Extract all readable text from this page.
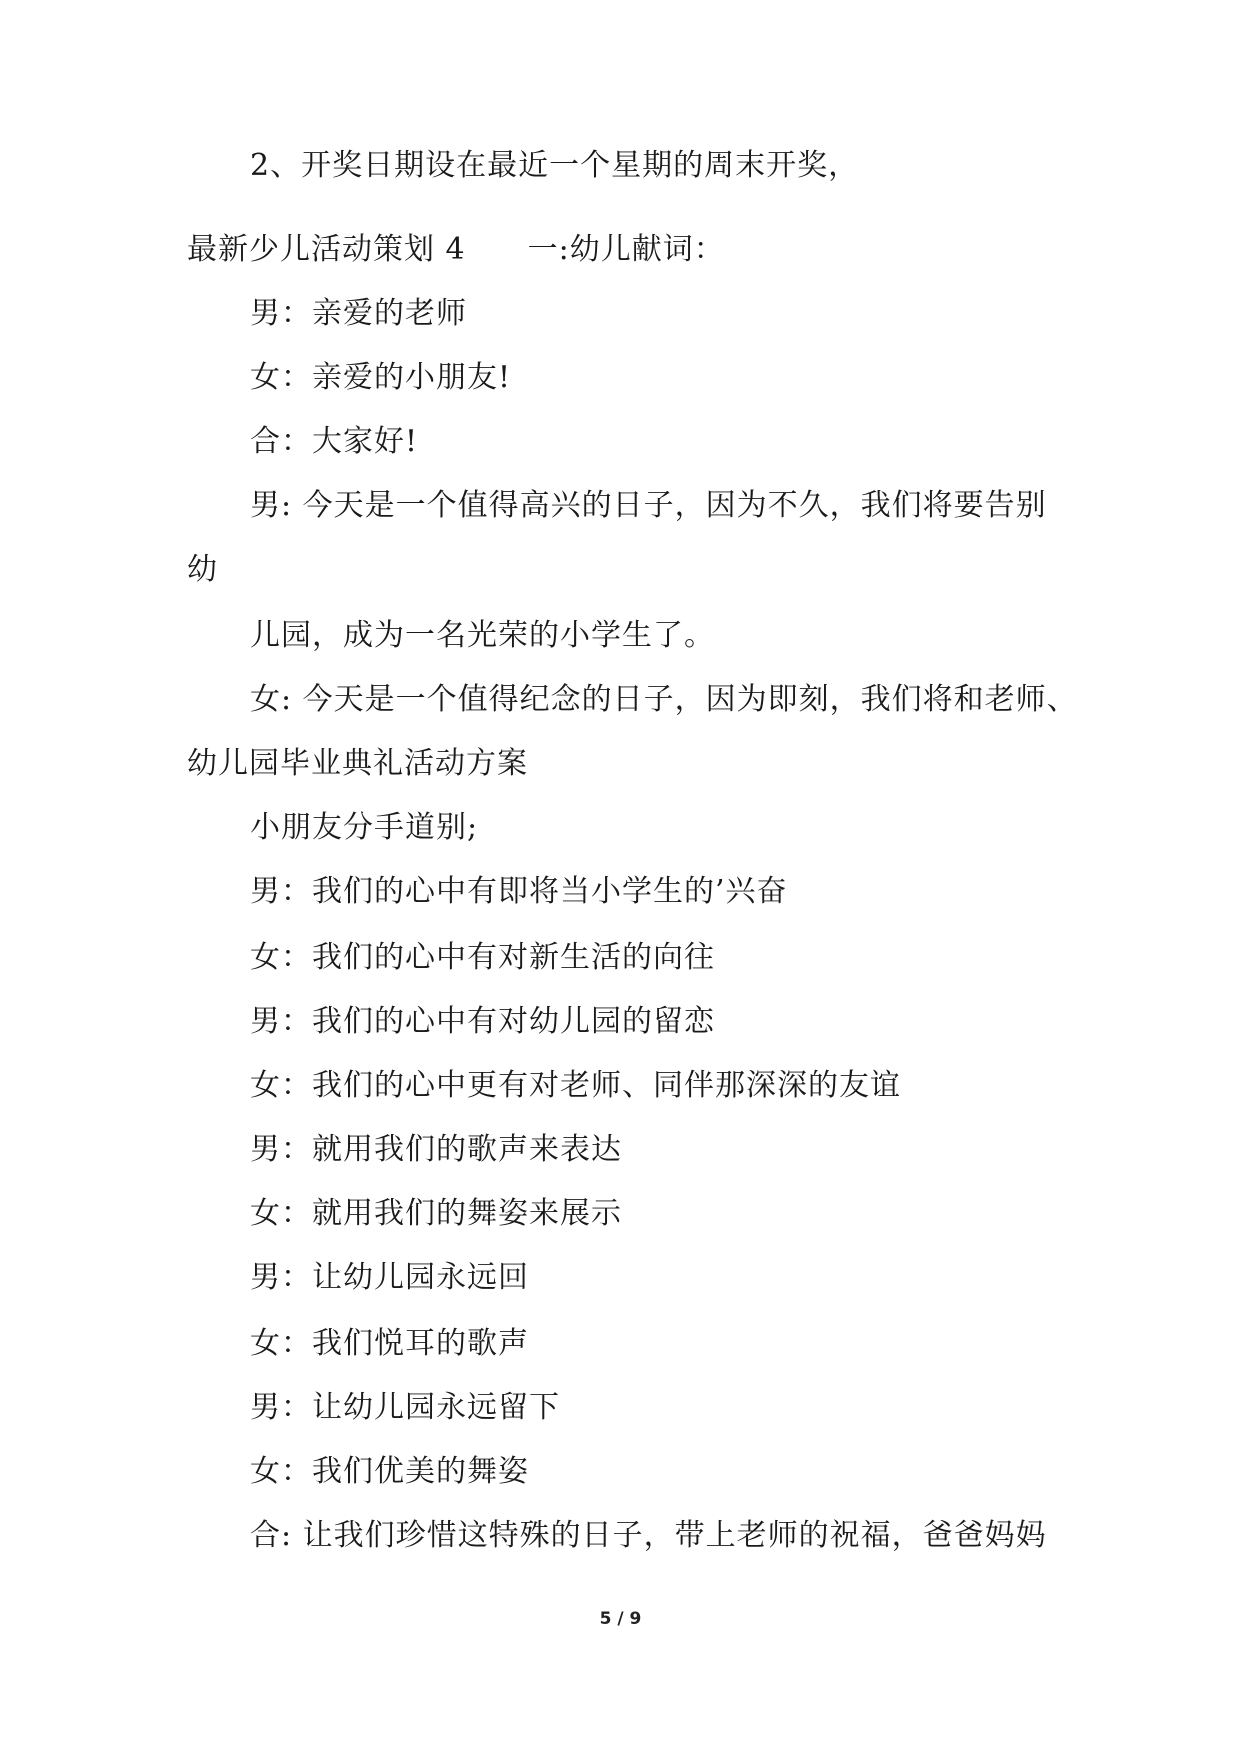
2、开奖日期设在最近一个星期的周末开奖，
最新少儿活动策划 4　　一:幼儿献词：
男：亲爱的老师
女：亲爱的小朋友!
合：大家好!
男: 今天是一个值得高兴的日子，因为不久，我们将要告别
幼
儿园，成为一名光荣的小学生了。
女: 今天是一个值得纪念的日子，因为即刻，我们将和老师、
幼儿园毕业典礼活动方案
小朋友分手道别;
男：我们的心中有即将当小学生的’兴奋
女：我们的心中有对新生活的向往
男：我们的心中有对幼儿园的留恋
女：我们的心中更有对老师、同伴那深深的友谊
男：就用我们的歌声来表达
女：就用我们的舞姿来展示
男：让幼儿园永远回
女：我们悦耳的歌声
男：让幼儿园永远留下
女：我们优美的舞姿
合: 让我们珍惜这特殊的日子，带上老师的祝福，爸爸妈妈
5 / 9
